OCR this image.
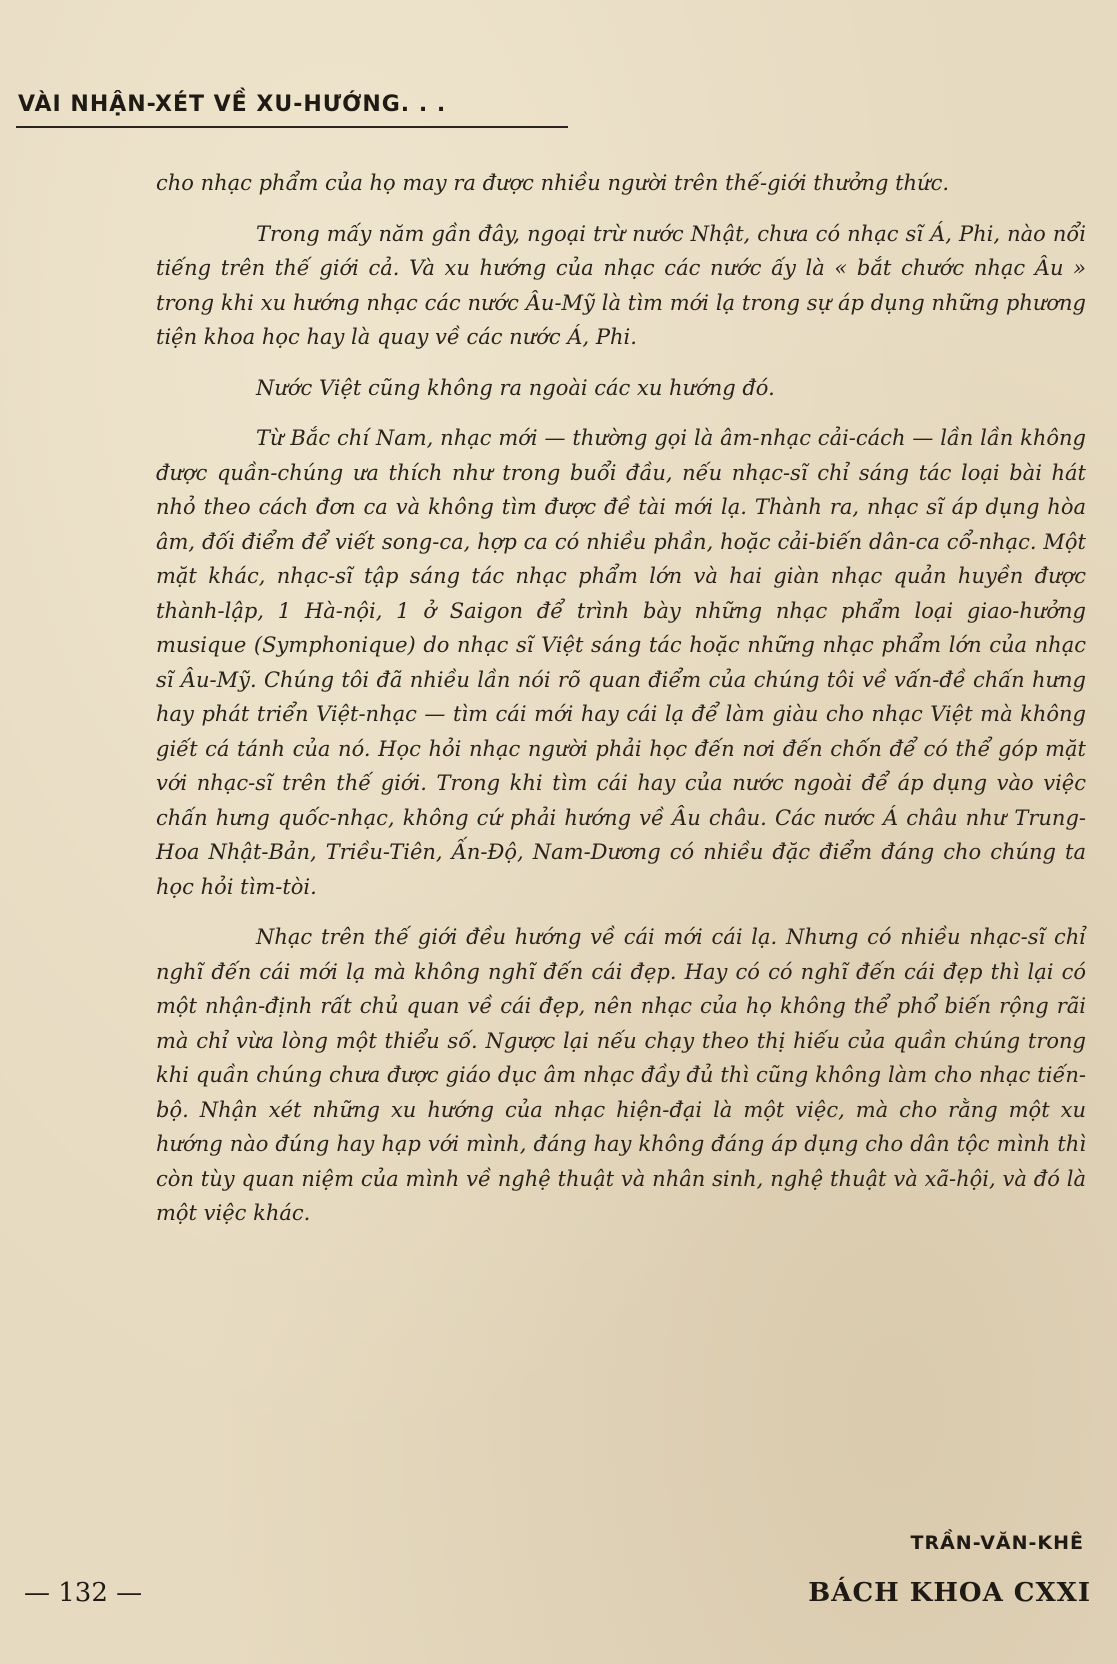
VÀI NHẬN-XÉT VỀ XU-HƯỚNG. . .

cho nhạc phẩm của họ may ra được nhiều người trên thế-giới thưởng thức.

Trong mấy năm gần đây, ngoại trừ nước Nhật, chưa có nhạc sĩ Á, Phi, nào nổi tiếng trên thế giới cả. Và xu hướng của nhạc các nước ấy là « bắt chước nhạc Âu » trong khi xu hướng nhạc các nước Âu-Mỹ là tìm mới lạ trong sự áp dụng những phương tiện khoa học hay là quay về các nước Á, Phi.

Nước Việt cũng không ra ngoài các xu hướng đó.

Từ Bắc chí Nam, nhạc mới — thường gọi là âm-nhạc cải-cách — lần lần không được quần-chúng ưa thích như trong buổi đầu, nếu nhạc-sĩ chỉ sáng tác loại bài hát nhỏ theo cách đơn ca và không tìm được đề tài mới lạ. Thành ra, nhạc sĩ áp dụng hòa âm, đối điểm để viết song-ca, hợp ca có nhiều phần, hoặc cải-biến dân-ca cổ-nhạc. Một mặt khác, nhạc-sĩ tập sáng tác nhạc phẩm lớn và hai giàn nhạc quản huyền được thành-lập, 1 Hà-nội, 1 ở Saigon để trình bày những nhạc phẩm loại giao-hưởng musique (Symphonique) do nhạc sĩ Việt sáng tác hoặc những nhạc phẩm lớn của nhạc sĩ Âu-Mỹ. Chúng tôi đã nhiều lần nói rõ quan điểm của chúng tôi về vấn-đề chấn hưng hay phát triển Việt-nhạc — tìm cái mới hay cái lạ để làm giàu cho nhạc Việt mà không giết cá tánh của nó. Học hỏi nhạc người phải học đến nơi đến chốn để có thể góp mặt với nhạc-sĩ trên thế giới. Trong khi tìm cái hay của nước ngoài để áp dụng vào việc chấn hưng quốc-nhạc, không cứ phải hướng về Âu châu. Các nước Á châu như Trung-Hoa Nhật-Bản, Triều-Tiên, Ấn-Độ, Nam-Dương có nhiều đặc điểm đáng cho chúng ta học hỏi tìm-tòi.

Nhạc trên thế giới đều hướng về cái mới cái lạ. Nhưng có nhiều nhạc-sĩ chỉ nghĩ đến cái mới lạ mà không nghĩ đến cái đẹp. Hay có có nghĩ đến cái đẹp thì lại có một nhận-định rất chủ quan về cái đẹp, nên nhạc của họ không thể phổ biến rộng rãi mà chỉ vừa lòng một thiểu số. Ngược lại nếu chạy theo thị hiếu của quần chúng trong khi quần chúng chưa được giáo dục âm nhạc đầy đủ thì cũng không làm cho nhạc tiến-bộ. Nhận xét những xu hướng của nhạc hiện-đại là một việc, mà cho rằng một xu hướng nào đúng hay hạp với mình, đáng hay không đáng áp dụng cho dân tộc mình thì còn tùy quan niệm của mình về nghệ thuật và nhân sinh, nghệ thuật và xã-hội, và đó là một việc khác.

TRẦN-VĂN-KHÊ

— 132 —	BÁCH KHOA CXXI
